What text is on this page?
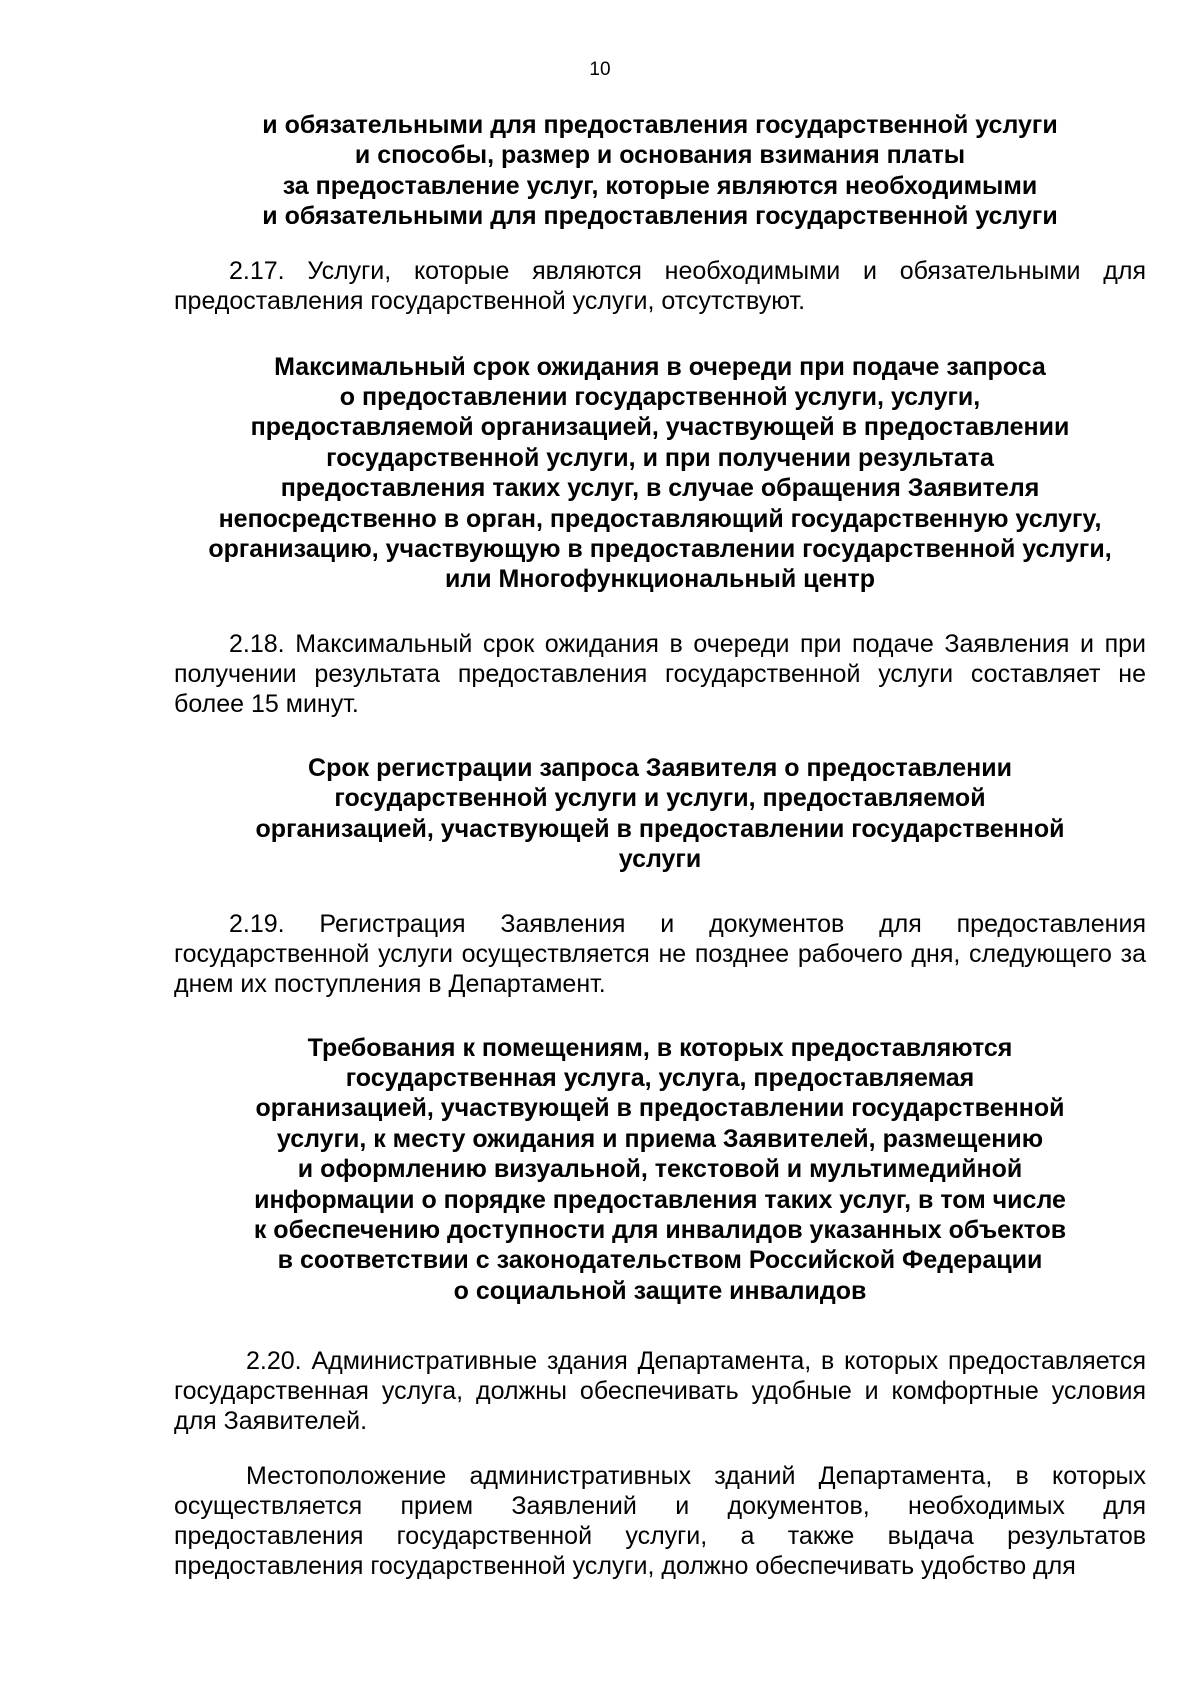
10
и обязательными для предоставления государственной услуги
и способы, размер и основания взимания платы
за предоставление услуг, которые являются необходимыми
и обязательными для предоставления государственной услуги

2.17. Услуги, которые являются необходимыми и обязательными для предоставления государственной услуги, отсутствуют.

Максимальный срок ожидания в очереди при подаче запроса
о предоставлении государственной услуги, услуги,
предоставляемой организацией, участвующей в предоставлении
государственной услуги, и при получении результата
предоставления таких услуг, в случае обращения Заявителя
непосредственно в орган, предоставляющий государственную услугу,
организацию, участвующую в предоставлении государственной услуги,
или Многофункциональный центр

2.18. Максимальный срок ожидания в очереди при подаче Заявления и при получении результата предоставления государственной услуги составляет не более 15 минут.

Срок регистрации запроса Заявителя о предоставлении
государственной услуги и услуги, предоставляемой
организацией, участвующей в предоставлении государственной
услуги

2.19. Регистрация Заявления и документов для предоставления государственной услуги осуществляется не позднее рабочего дня, следующего за днем их поступления в Департамент.

Требования к помещениям, в которых предоставляются
государственная услуга, услуга, предоставляемая
организацией, участвующей в предоставлении государственной
услуги, к месту ожидания и приема Заявителей, размещению
и оформлению визуальной, текстовой и мультимедийной
информации о порядке предоставления таких услуг, в том числе
к обеспечению доступности для инвалидов указанных объектов
в соответствии с законодательством Российской Федерации
о социальной защите инвалидов

2.20. Административные здания Департамента, в которых предоставляется государственная услуга, должны обеспечивать удобные и комфортные условия для Заявителей.

Местоположение административных зданий Департамента, в которых осуществляется прием Заявлений и документов, необходимых для предоставления государственной услуги, а также выдача результатов предоставления государственной услуги, должно обеспечивать удобство для
